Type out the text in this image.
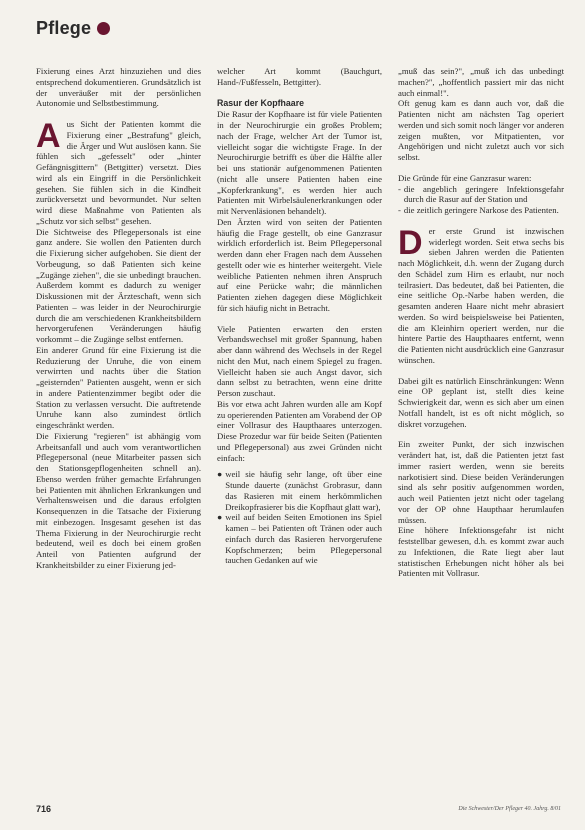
Pflege

Fixierung eines Arzt hinzuziehen und dies entsprechend dokumentieren. Grundsätzlich ist der unveräußer mit der persönlichen Autonomie und Selbstbestimmung.

A us Sicht der Patienten kommt die Fixierung einer „Bestrafung" gleich, die Ärger und Wut auslösen kann. Sie fühlen sich „gefesselt" oder „hinter Gefängnisgittern" (Bettgitter) versetzt. Dies wird als ein Eingriff in die Persönlichkeit gesehen. Sie fühlen sich in die Kindheit zurückversetzt und bevormundet. Nur selten wird diese Maßnahme von Patienten als „Schutz vor sich selbst" gesehen.

Die Sichtweise des Pflegepersonals ist eine ganz andere. Sie wollen den Patienten durch die Fixierung sicher aufgehoben. Sie dient der Vorbeugung, so daß Patienten sich keine „Zugänge ziehen", die sie unbedingt brauchen. Außerdem kommt es dadurch zu weniger Diskussionen mit der Ärzteschaft, wenn sich Patienten – was leider in der Neurochirurgie durch die am verschiedenen Krankheitsbildern hervorgerufenen Veränderungen häufig vorkommt – die Zugänge selbst entfernen.

Ein anderer Grund für eine Fixierung ist die Reduzierung der Unruhe, die von einem verwirrten und nachts über die Station „geisternden" Patienten ausgeht, wenn er sich in andere Patientenzimmer begibt oder die Station zu verlassen versucht. Die auftretende Unruhe kann also zumindest örtlich eingeschränkt werden.

Die Fixierung "regieren" ist abhängig vom Arbeitsanfall und auch vom verantwortlichen Pflegepersonal (neue Mitarbeiter passen sich den Stationsgepflogenheiten schnell an). Ebenso werden früher gemachte Erfahrungen bei Patienten mit ähnlichen Erkrankungen und Verhaltensweisen und die daraus erfolgten Konsequenzen in die Tatsache der Fixierung mit einbezogen. Insgesamt gesehen ist das Thema Fixierung in der Neurochirurgie recht bedeutend, weil es doch bei einem großen Anteil von Patienten aufgrund der Krankheitsbilder zu einer Fixierung jed-

welcher Art kommt (Bauchgurt, Hand-/Fußfesseln, Bettgitter).

Rasur der Kopfhaare

Die Rasur der Kopfhaare ist für viele Patienten in der Neurochirurgie ein großes Problem; nach der Frage, welcher Art der Tumor ist, vielleicht sogar die wichtigste Frage. In der Neurochirurgie betrifft es über die Hälfte aller bei uns stationär aufgenommenen Patienten (nicht alle unsere Patienten haben eine „Kopferkrankung", es werden hier auch Patienten mit Wirbelsäulenerkrankungen oder mit Nervenläsionen behandelt).

Den Ärzten wird von seiten der Patienten häufig die Frage gestellt, ob eine Ganzrasur wirklich erforderlich ist. Beim Pflegepersonal werden dann eher Fragen nach dem Aussehen gestellt oder wie es hinterher weitergeht. Viele weibliche Patienten nehmen ihren Anspruch auf eine Perücke wahr; die männlichen Patienten ziehen dagegen diese Möglichkeit für sich häufig nicht in Betracht.

Viele Patienten erwarten den ersten Verbandswechsel mit großer Spannung, haben aber dann während des Wechsels in der Regel nicht den Mut, nach einem Spiegel zu fragen. Vielleicht haben sie auch Angst davor, sich dann selbst zu betrachten, wenn eine dritte Person zuschaut.

Bis vor etwa acht Jahren wurden alle am Kopf zu operierenden Patienten am Vorabend der OP einer Vollrasur des Haupthaares unterzogen. Diese Prozedur war für beide Seiten (Patienten und Pflegepersonal) aus zwei Gründen nicht einfach:

● weil sie häufig sehr lange, oft über eine Stunde dauerte (zunächst Grobrasur, dann das Rasieren mit einem herkömmlichen Dreikopfrasierer bis die Kopfhaut glatt war),
● weil auf beiden Seiten Emotionen ins Spiel kamen – bei Patienten oft Tränen oder auch einfach durch das Rasieren hervorgerufene Kopfschmerzen; beim Pflegepersonal tauchen Gedanken auf wie

„muß das sein?", „muß ich das unbedingt machen?", „hoffentlich passiert mir das nicht auch einmal!".

Oft genug kam es dann auch vor, daß die Patienten nicht am nächsten Tag operiert werden und sich somit noch länger vor anderen zeigen mußten, vor Mitpatienten, vor Angehörigen und nicht zuletzt auch vor sich selbst.

Die Gründe für eine Ganzrasur waren:

- die angeblich geringere Infektionsgefahr durch die Rasur auf der Station und
- die zeitlich geringere Narkose des Patienten.

D er erste Grund ist inzwischen widerlegt worden. Seit etwa sechs bis sieben Jahren werden die Patienten nach Möglichkeit, d.h. wenn der Zugang durch den Schädel zum Hirn es erlaubt, nur noch teilrasiert. Das bedeutet, daß bei Patienten, die eine seitliche Op.-Narbe haben werden, die gesamten anderen Haare nicht mehr abrasiert werden. So wird beispielsweise bei Patienten, die am Kleinhirn operiert werden, nur die hintere Partie des Haupthaares entfernt, wenn die Patienten nicht ausdrücklich eine Ganzrasur wünschen.

Dabei gilt es natürlich Einschränkungen: Wenn eine OP geplant ist, stellt dies keine Schwierigkeit dar, wenn es sich aber um einen Notfall handelt, ist es oft nicht möglich, so diskret vorzugehen.

Ein zweiter Punkt, der sich inzwischen verändert hat, ist, daß die Patienten jetzt fast immer rasiert werden, wenn sie bereits narkotisiert sind. Diese beiden Veränderungen sind als sehr positiv aufgenommen worden, auch weil Patienten jetzt nicht oder tagelang vor der OP ohne Haupthaar herumlaufen müssen.

Eine höhere Infektionsgefahr ist nicht feststellbar gewesen, d.h. es kommt zwar auch zu Infektionen, die Rate liegt aber laut statistischen Erhebungen nicht höher als bei Patienten mit Vollrasur.

716	Die Schwester/Der Pfleger 40. Jahrg. 8/01
